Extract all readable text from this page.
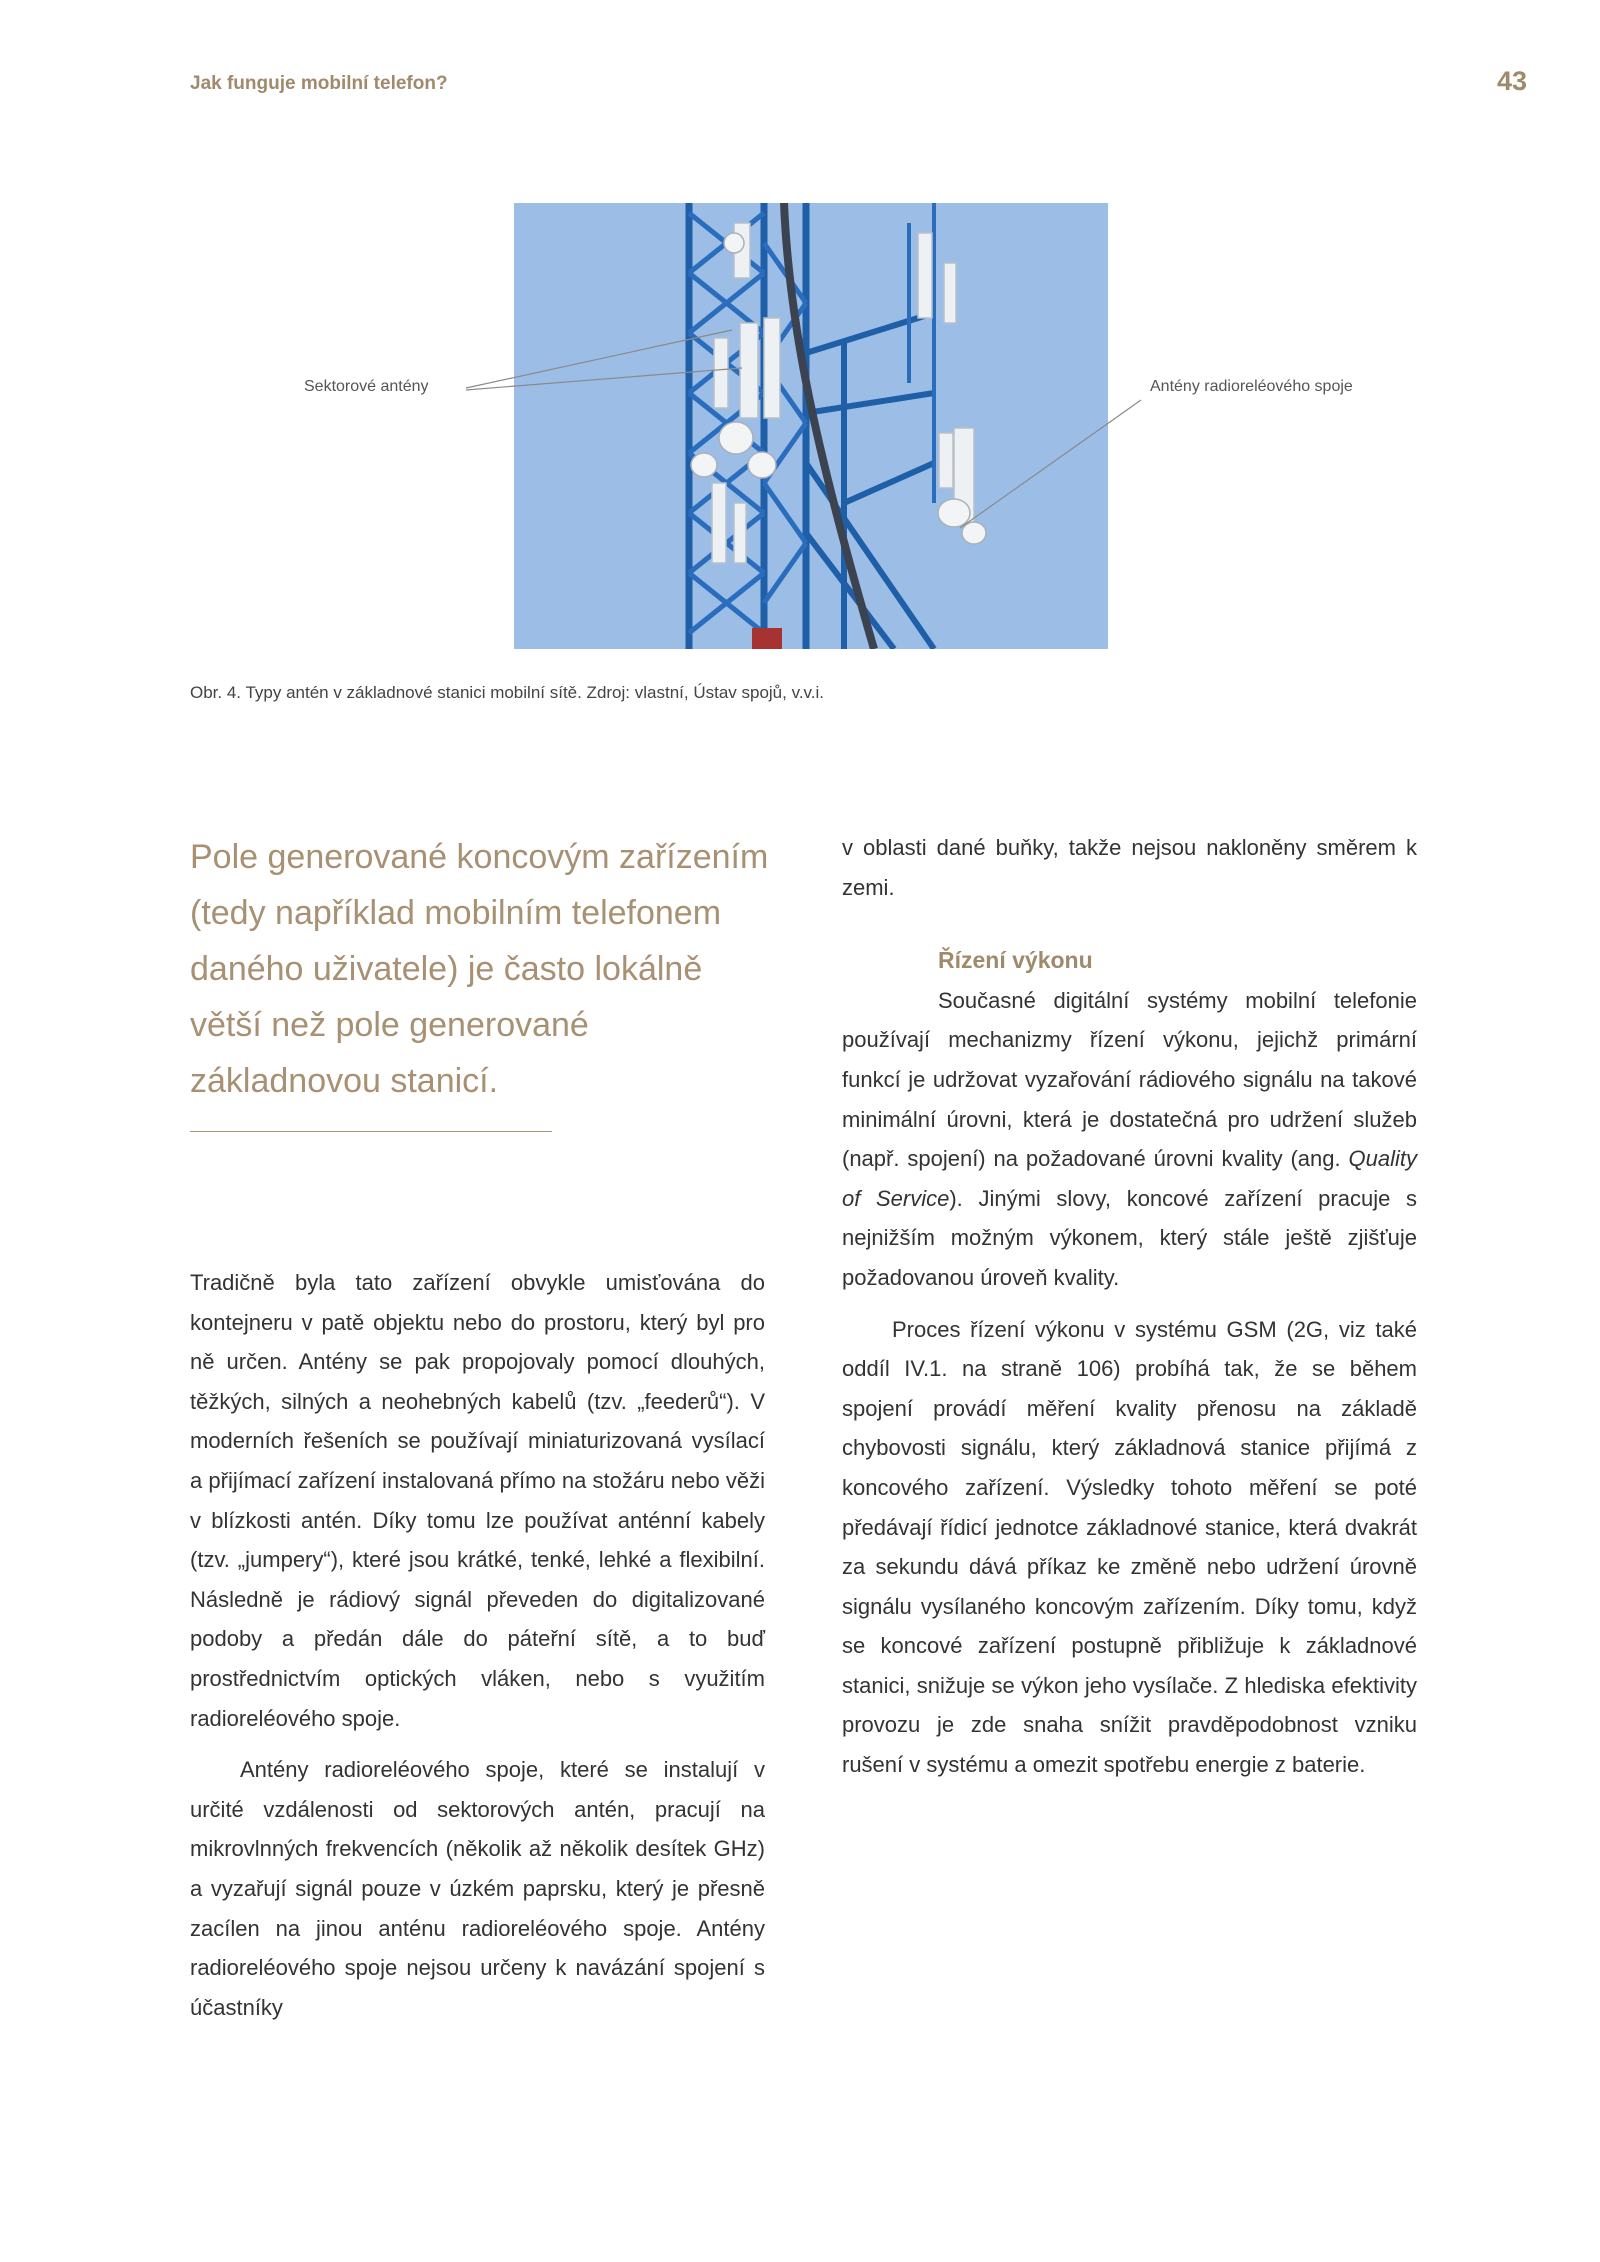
Jak funguje mobilní telefon?	43
Sektorové antény	Antény radioreléového spoje
Obr. 4. Typy antén v základnové stanici mobilní sítě. Zdroj: vlastní, Ústav spojů, v.v.i.
Pole generované koncovým zařízením (tedy například mobilním telefonem daného uživatele) je často lokálně větší než pole generované základnovou stanicí.

Tradičně byla tato zařízení obvykle umisťována do kontejneru v patě objektu nebo do prostoru, který byl pro ně určen. Antény se pak propojovaly pomocí dlouhých, těžkých, silných a neohebných kabelů (tzv. „feederů“). V moderních řešeních se používají miniaturizovaná vysílací a přijímací zařízení instalovaná přímo na stožáru nebo věži v blízkosti antén. Díky tomu lze používat anténní kabely (tzv. „jumpery“), které jsou krátké, tenké, lehké a flexibilní. Následně je rádiový signál převeden do digitalizované podoby a předán dále do páteřní sítě, a to buď prostřednictvím optických vláken, nebo s využitím radioreléového spoje.

Antény radioreléového spoje, které se instalují v určité vzdálenosti od sektorových antén, pracují na mikrovlnných frekvencích (několik až několik desítek GHz) a vyzařují signál pouze v úzkém paprsku, který je přesně zacílen na jinou anténu radioreléového spoje. Antény radioreléového spoje nejsou určeny k navázání spojení s účastníky

v oblasti dané buňky, takže nejsou nakloněny směrem k zemi.

Řízení výkonu

Současné digitální systémy mobilní telefonie používají mechanizmy řízení výkonu, jejichž primární funkcí je udržovat vyzařování rádiového signálu na takové minimální úrovni, která je dostatečná pro udržení služeb (např. spojení) na požadované úrovni kvality (ang. Quality of Service). Jinými slovy, koncové zařízení pracuje s nejnižším možným výkonem, který stále ještě zjišťuje požadovanou úroveň kvality.

Proces řízení výkonu v systému GSM (2G, viz také oddíl IV.1. na straně 106) probíhá tak, že se během spojení provádí měření kvality přenosu na základě chybovosti signálu, který základnová stanice přijímá z koncového zařízení. Výsledky tohoto měření se poté předávají řídicí jednotce základnové stanice, která dvakrát za sekundu dává příkaz ke změně nebo udržení úrovně signálu vysílaného koncovým zařízením. Díky tomu, když se koncové zařízení postupně přibližuje k základnové stanici, snižuje se výkon jeho vysílače. Z hlediska efektivity provozu je zde snaha snížit pravděpodobnost vzniku rušení v systému a omezit spotřebu energie z baterie.
